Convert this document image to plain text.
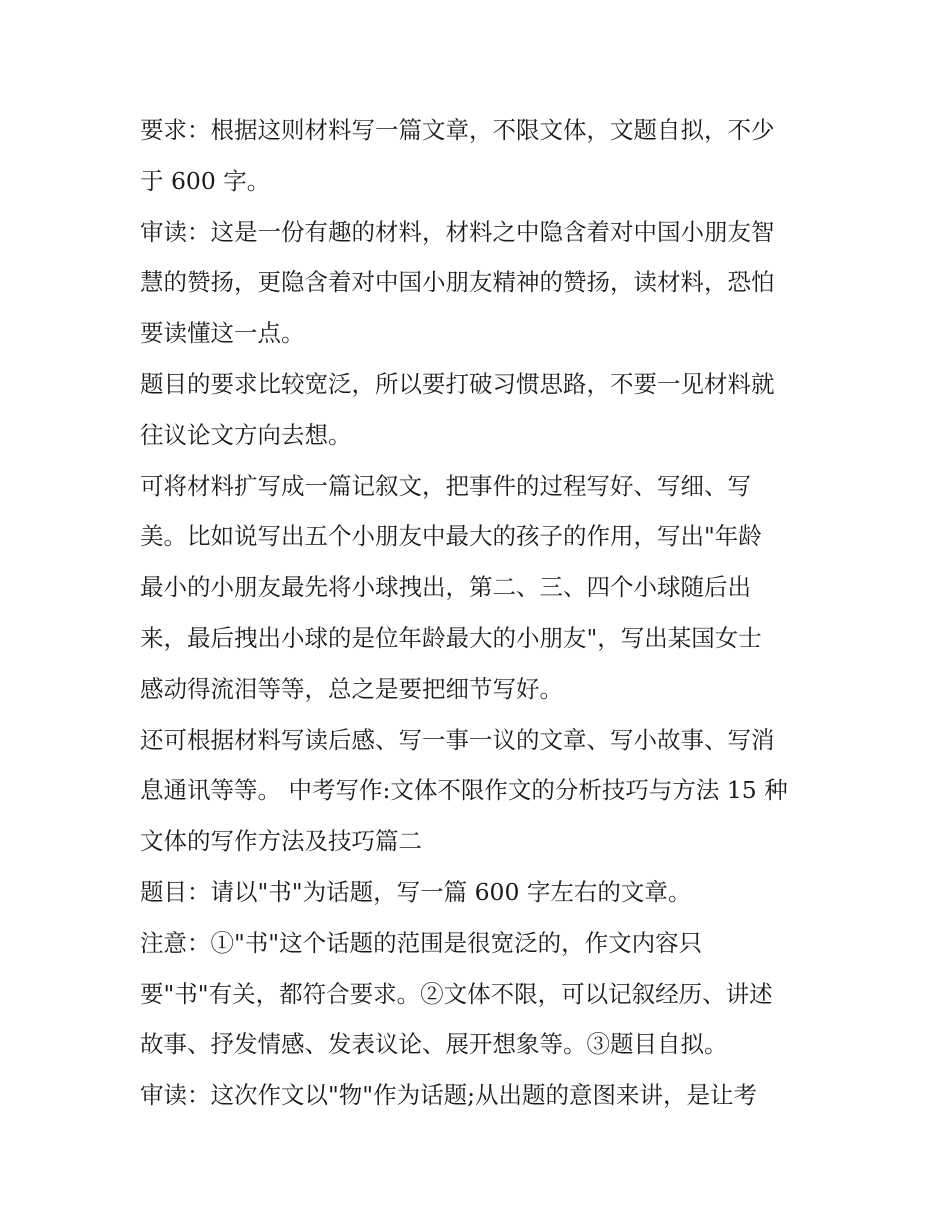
要求：根据这则材料写一篇文章，不限文体，文题自拟，不少
于 600 字。
审读：这是一份有趣的材料，材料之中隐含着对中国小朋友智
慧的赞扬，更隐含着对中国小朋友精神的赞扬，读材料，恐怕
要读懂这一点。
题目的要求比较宽泛，所以要打破习惯思路，不要一见材料就
往议论文方向去想。
可将材料扩写成一篇记叙文，把事件的过程写好、写细、写
美。比如说写出五个小朋友中最大的孩子的作用，写出"年龄
最小的小朋友最先将小球拽出，第二、三、四个小球随后出
来，最后拽出小球的是位年龄最大的小朋友"，写出某国女士
感动得流泪等等，总之是要把细节写好。
还可根据材料写读后感、写一事一议的文章、写小故事、写消
息通讯等等。 中考写作:文体不限作文的分析技巧与方法 15 种
文体的写作方法及技巧篇二
题目：请以"书"为话题，写一篇 600 字左右的文章。
注意：①"书"这个话题的范围是很宽泛的，作文内容只
要"书"有关，都符合要求。②文体不限，可以记叙经历、讲述
故事、抒发情感、发表议论、展开想象等。③题目自拟。
审读：这次作文以"物"作为话题;从出题的意图来讲，是让考
